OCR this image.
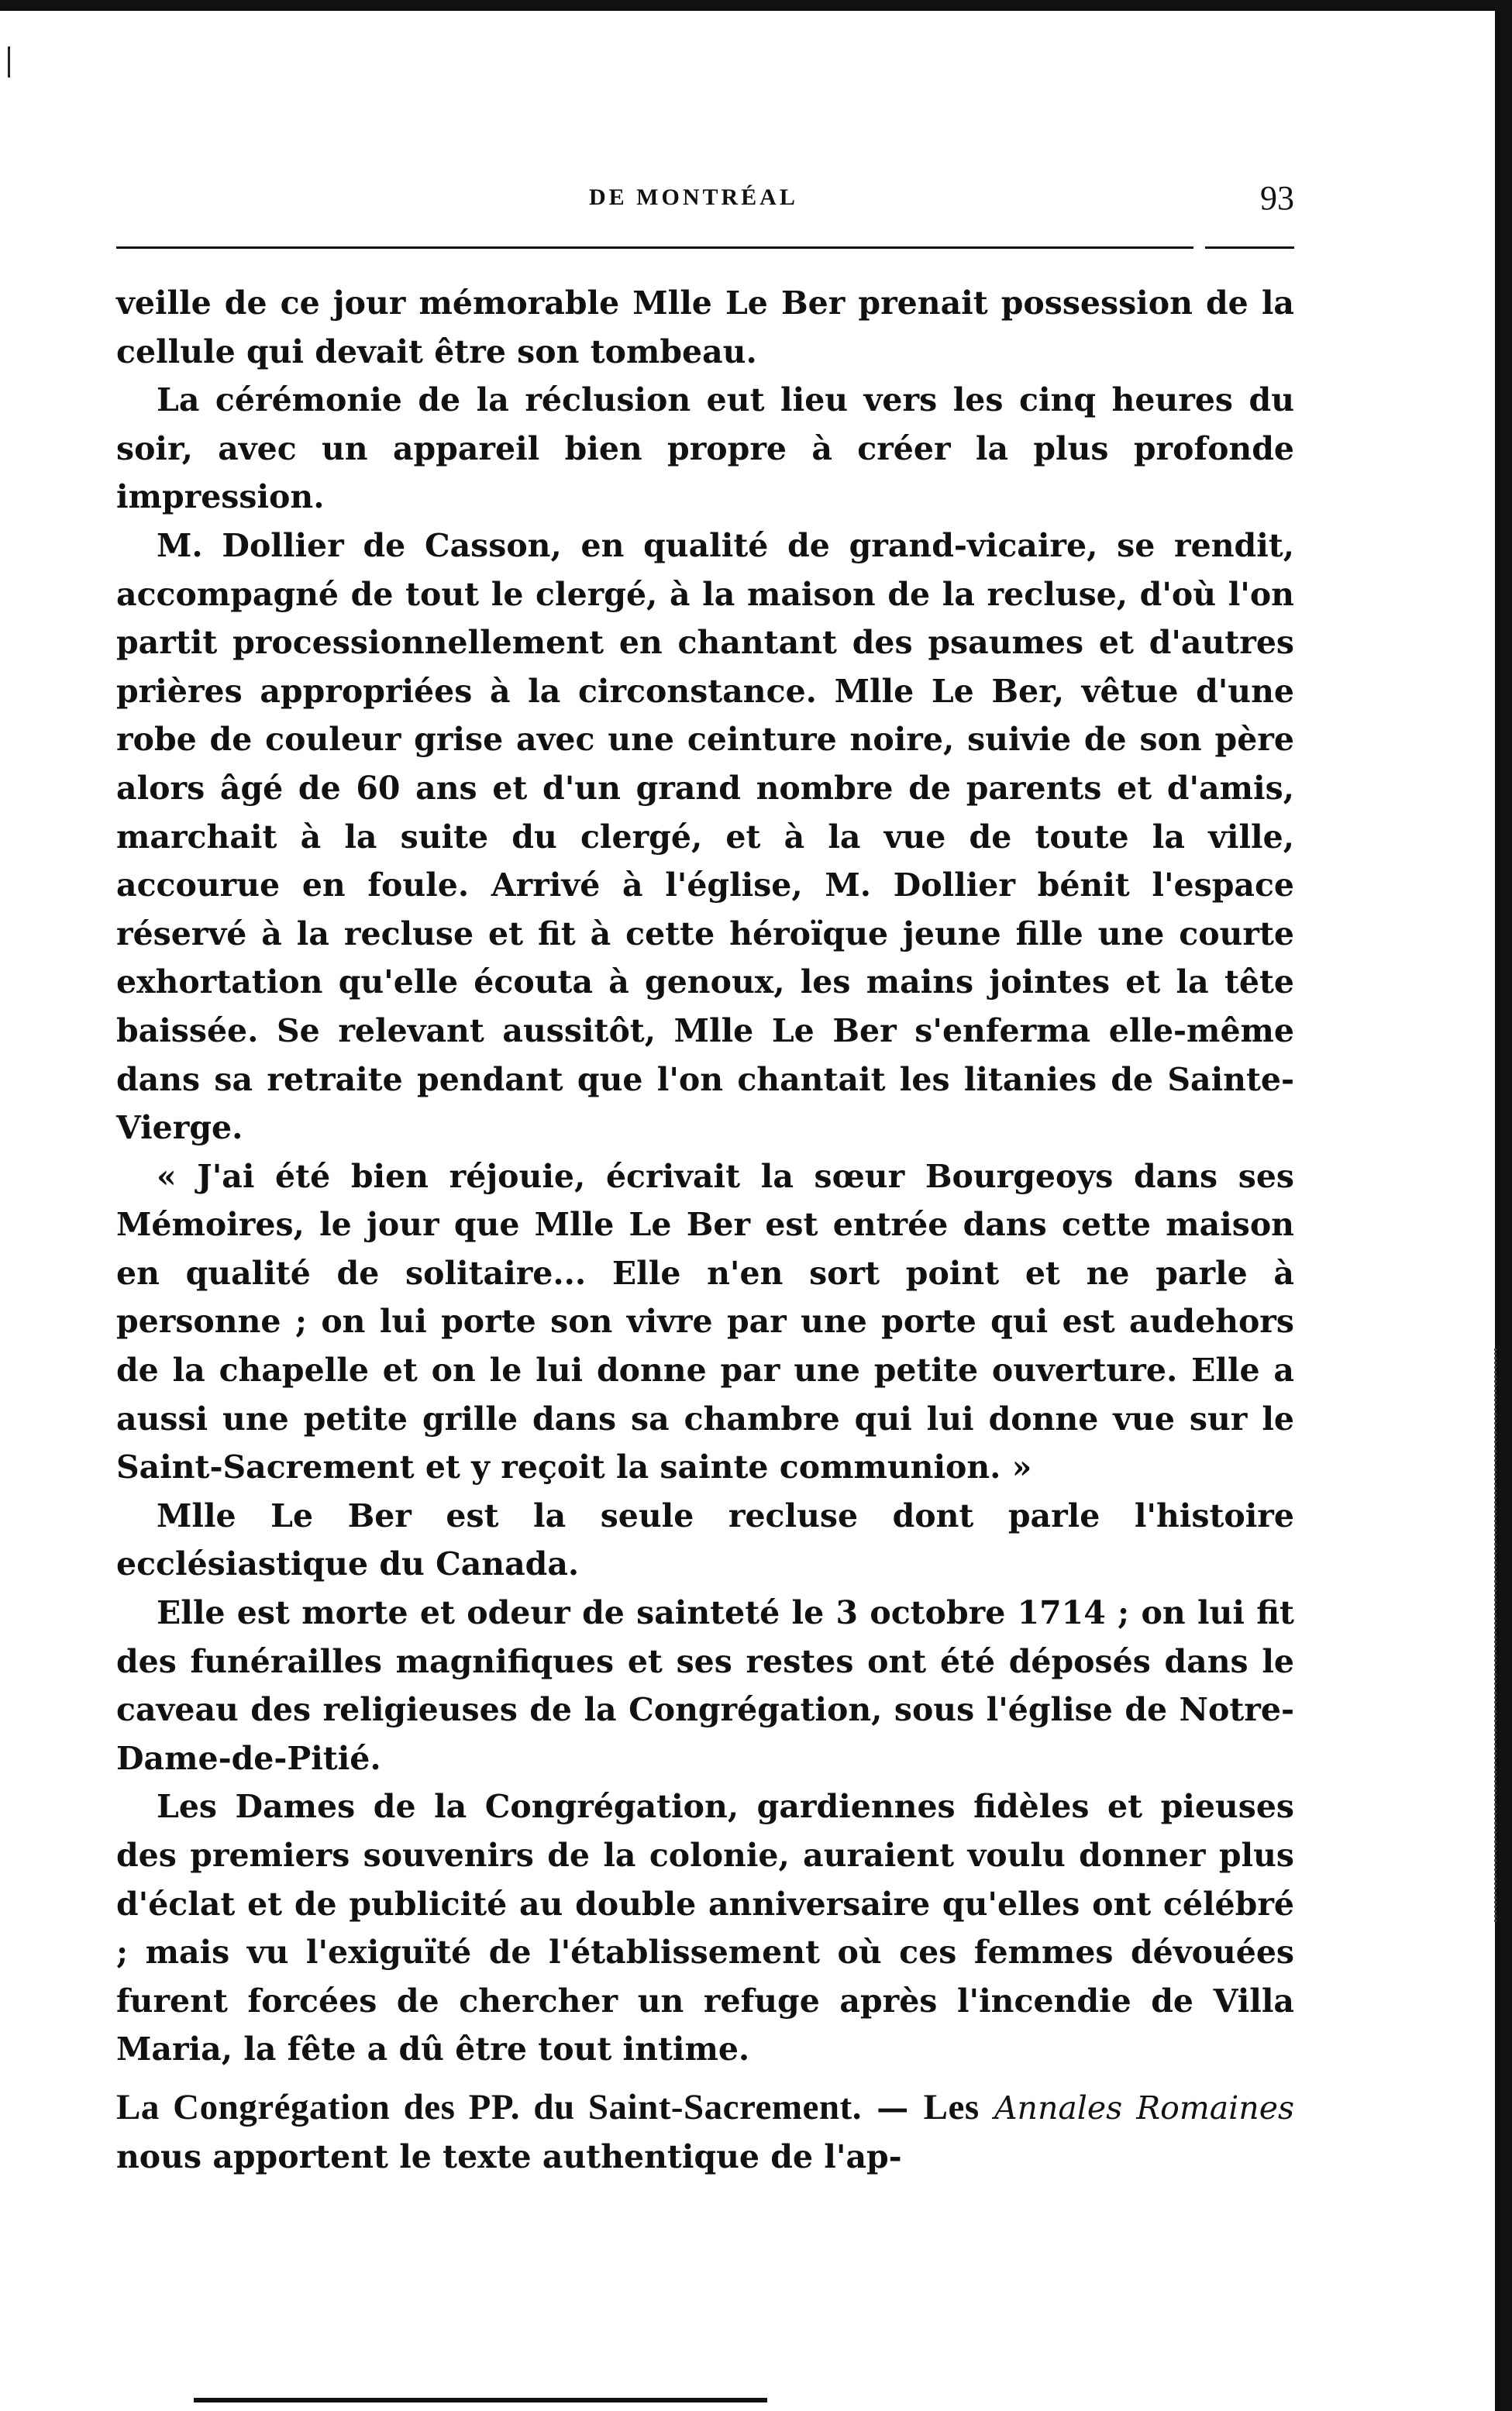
DE MONTRÉAL	93

veille de ce jour mémorable Mlle Le Ber prenait possession de la cellule qui devait être son tombeau.

La cérémonie de la réclusion eut lieu vers les cinq heures du soir, avec un appareil bien propre à créer la plus profonde impression.

M. Dollier de Casson, en qualité de grand-vicaire, se rendit, accompagné de tout le clergé, à la maison de la recluse, d'où l'on partit processionnellement en chantant des psaumes et d'autres prières appropriées à la circonstance. Mlle Le Ber, vêtue d'une robe de couleur grise avec une ceinture noire, suivie de son père alors âgé de 60 ans et d'un grand nombre de parents et d'amis, marchait à la suite du clergé, et à la vue de toute la ville, accourue en foule. Arrivé à l'église, M. Dollier bénit l'espace réservé à la recluse et fit à cette héroïque jeune fille une courte exhortation qu'elle écouta à genoux, les mains jointes et la tête baissée. Se relevant aussitôt, Mlle Le Ber s'enferma elle-même dans sa retraite pendant que l'on chantait les litanies de Sainte-Vierge.

« J'ai été bien réjouie, écrivait la sœur Bourgeoys dans ses Mémoires, le jour que Mlle Le Ber est entrée dans cette maison en qualité de solitaire... Elle n'en sort point et ne parle à personne ; on lui porte son vivre par une porte qui est audehors de la chapelle et on le lui donne par une petite ouverture. Elle a aussi une petite grille dans sa chambre qui lui donne vue sur le Saint-Sacrement et y reçoit la sainte communion. »

Mlle Le Ber est la seule recluse dont parle l'histoire ecclésiastique du Canada.

Elle est morte et odeur de sainteté le 3 octobre 1714 ; on lui fit des funérailles magnifiques et ses restes ont été déposés dans le caveau des religieuses de la Congrégation, sous l'église de Notre-Dame-de-Pitié.

Les Dames de la Congrégation, gardiennes fidèles et pieuses des premiers souvenirs de la colonie, auraient voulu donner plus d'éclat et de publicité au double anniversaire qu'elles ont célébré ; mais vu l'exiguïté de l'établissement où ces femmes dévouées furent forcées de chercher un refuge après l'incendie de Villa Maria, la fête a dû être tout intime.

La Congrégation des PP. du Saint-Sacrement. — Les Annales Romaines nous apportent le texte authentique de l'ap-
